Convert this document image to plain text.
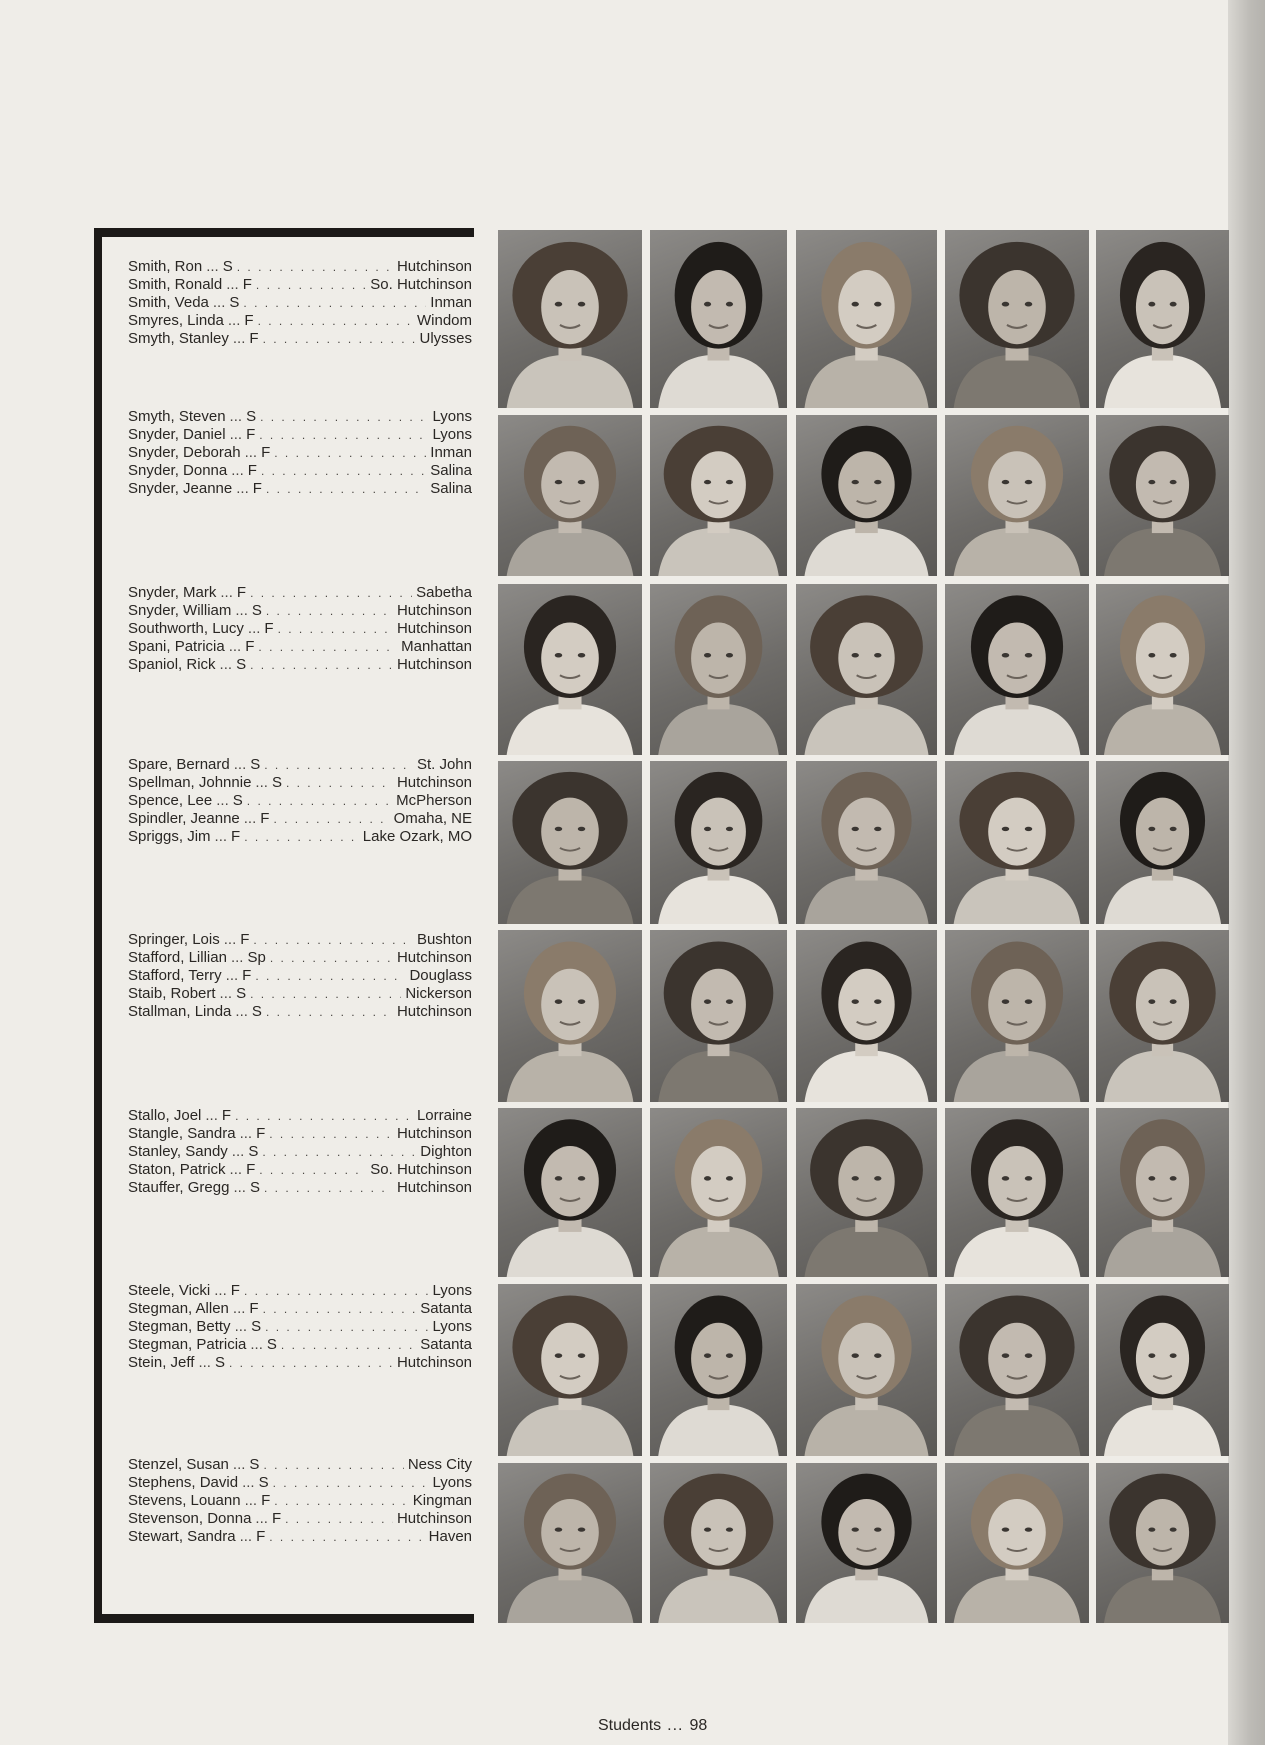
Smith, Ron ... S . . .	Hutchinson
Smith, Ronald ... F . . .	So. Hutchinson
Smith, Veda ... S . . .	Inman
Smyres, Linda ... F . . .	Windom
Smyth, Stanley ... F . . .	Ulysses
Smyth, Steven ... S . . .	Lyons
Snyder, Daniel ... F . . .	Lyons
Snyder, Deborah ... F . . .	Inman
Snyder, Donna ... F . . .	Salina
Snyder, Jeanne ... F . . .	Salina
Snyder, Mark ... F . . .	Sabetha
Snyder, William ... S . . .	Hutchinson
Southworth, Lucy ... F . . .	Hutchinson
Spani, Patricia ... F . . .	Manhattan
Spaniol, Rick ... S . . .	Hutchinson
Spare, Bernard ... S . . .	St. John
Spellman, Johnnie ... S . . .	Hutchinson
Spence, Lee ... S . . .	McPherson
Spindler, Jeanne ... F . . .	Omaha, NE
Spriggs, Jim ... F . . .	Lake Ozark, MO
Springer, Lois ... F . . .	Bushton
Stafford, Lillian ... Sp . . .	Hutchinson
Stafford, Terry ... F . . .	Douglass
Staib, Robert ... S . . .	Nickerson
Stallman, Linda ... S . . .	Hutchinson
Stallo, Joel ... F . . .	Lorraine
Stangle, Sandra ... F . . .	Hutchinson
Stanley, Sandy ... S . . .	Dighton
Staton, Patrick ... F . . .	So. Hutchinson
Stauffer, Gregg ... S . . .	Hutchinson
Steele, Vicki ... F . . .	Lyons
Stegman, Allen ... F . . .	Satanta
Stegman, Betty ... S . . .	Lyons
Stegman, Patricia ... S . . .	Satanta
Stein, Jeff ... S . . .	Hutchinson
Stenzel, Susan ... S . . .	Ness City
Stephens, David ... S . . .	Lyons
Stevens, Louann ... F . . .	Kingman
Stevenson, Donna ... F . . .	Hutchinson
Stewart, Sandra ... F . . .	Haven
Students ... 98
